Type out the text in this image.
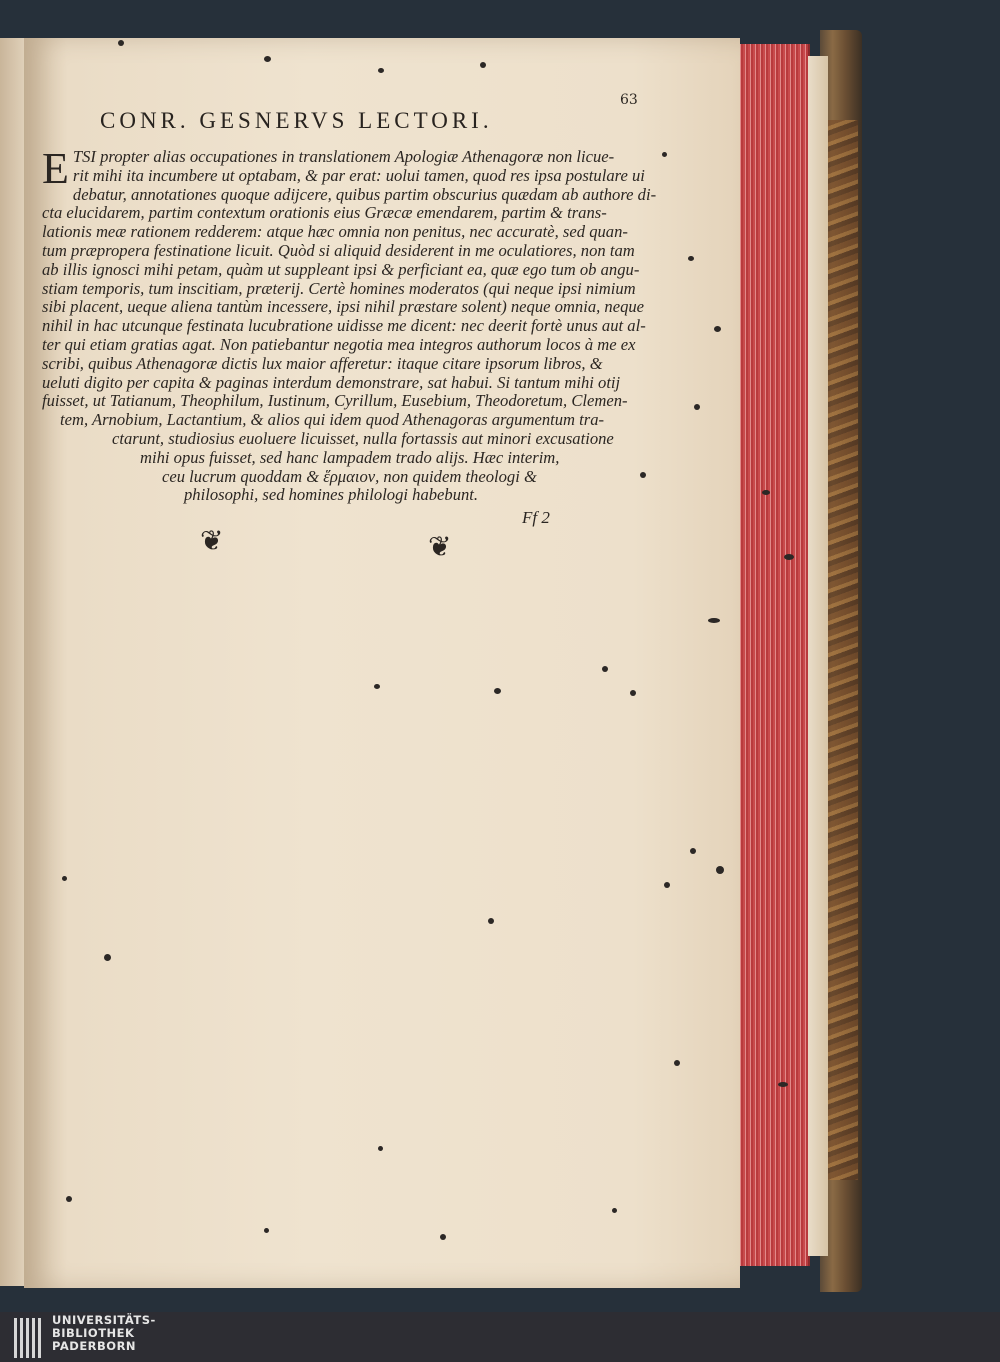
63
CONR. GESNERVS LECTORI.
E TSI propter alias occupationes in translationem Apologiæ Athenagoræ non licue-
rit mihi ita incumbere ut optabam, & par erat: uolui tamen, quod res ipsa postulare ui
debatur, annotationes quoque adijcere, quibus partim obscurius quædam ab authore di-
cta elucidarem, partim contextum orationis eius Græcæ emendarem, partim & trans-
lationis meæ rationem redderem: atque hæc omnia non penitus, nec accuratè, sed quan-
tum præpropera festinatione licuit. Quòd si aliquid desiderent in me oculatiores, non tam
ab illis ignosci mihi petam, quàm ut suppleant ipsi & perficiant ea, quæ ego tum ob angu-
stiam temporis, tum inscitiam, præterij. Certè homines moderatos (qui neque ipsi nimium
sibi placent, ueque aliena tantùm incessere, ipsi nihil præstare solent) neque omnia, neque
nihil in hac utcunque festinata lucubratione uidisse me dicent: nec deerit fortè unus aut al-
ter qui etiam gratias agat. Non patiebantur negotia mea integros authorum locos à me ex
scribi, quibus Athenagoræ dictis lux maior afferetur: itaque citare ipsorum libros, &
ueluti digito per capita & paginas interdum demonstrare, sat habui. Si tantum mihi otij
fuisset, ut Tatianum, Theophilum, Iustinum, Cyrillum, Eusebium, Theodoretum, Clemen-
tem, Arnobium, Lactantium, & alios qui idem quod Athenagoras argumentum tra-
ctarunt, studiosius euoluere licuisset, nulla fortassis aut minori excusatione
mihi opus fuisset, sed hanc lampadem trado alijs. Hæc interim,
ceu lucrum quoddam & ἕρμαιον, non quidem theologi &
philosophi, sed homines philologi habebunt.
Ff 2
❦	❦
UNIVERSITÄTS-
BIBLIOTHEK
PADERBORN
